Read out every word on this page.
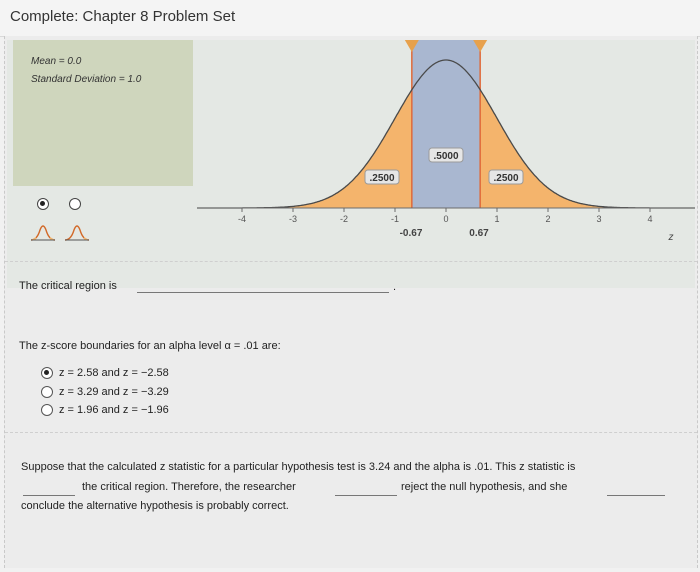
Complete: Chapter 8 Problem Set
Mean = 0.0
Standard Deviation = 1.0
-4	-3	-2	-1	0	1	2	3	4
.5000
.2500	.2500
-0.67	0.67	z
The critical region is	.
The z-score boundaries for an alpha level α = .01 are:
z = 2.58 and z = −2.58
z = 3.29 and z = −3.29
z = 1.96 and z = −1.96
Suppose that the calculated z statistic for a particular hypothesis test is 3.24 and the alpha is .01. This z statistic is
the critical region. Therefore, the researcher	reject the null hypothesis, and she
conclude the alternative hypothesis is probably correct.
